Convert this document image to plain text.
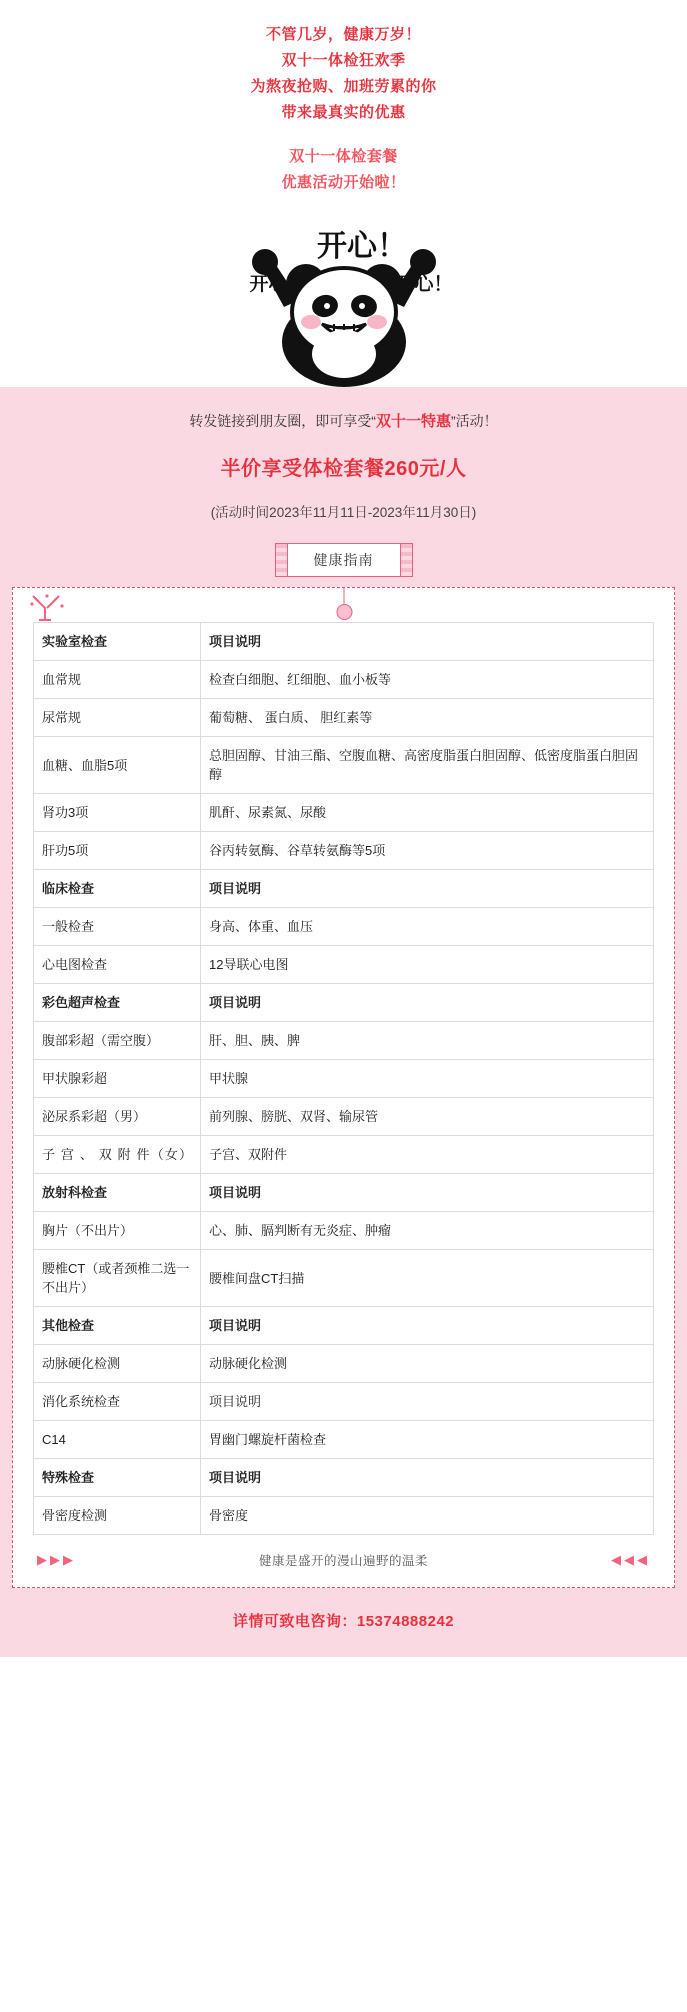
不管几岁，健康万岁！
双十一体检狂欢季
为熬夜抢购、加班劳累的你
带来最真实的优惠
双十一体检套餐
优惠活动开始啦！
开心！
开心！	开心！
转发链接到朋友圈，即可享受“双十一特惠”活动！
半价享受体检套餐260元/人
(活动时间2023年11月11日-2023年11月30日)
健康指南
实验室检查	项目说明
血常规	检查白细胞、红细胞、血小板等
尿常规	葡萄糖、 蛋白质、 胆红素等
血糖、血脂5项	总胆固醇、甘油三酯、空腹血糖、高密度脂蛋白胆固醇、低密度脂蛋白胆固醇
肾功3项	肌酐、尿素氮、尿酸
肝功5项	谷丙转氨酶、谷草转氨酶等5项
临床检查	项目说明
一般检查	身高、体重、血压
心电图检查	12导联心电图
彩色超声检查	项目说明
腹部彩超（需空腹）	肝、胆、胰、脾
甲状腺彩超	甲状腺
泌尿系彩超（男）	前列腺、膀胱、双肾、输尿管
子 宫 、 双 附 件（女）	子宫、双附件
放射科检查	项目说明
胸片（不出片）	心、肺、膈判断有无炎症、肿瘤
腰椎CT（或者颈椎二选一不出片）	腰椎间盘CT扫描
其他检查	项目说明
动脉硬化检测	动脉硬化检测
消化系统检查	项目说明
C14	胃幽门螺旋杆菌检查
特殊检查	项目说明
骨密度检测	骨密度
▶▶▶	健康是盛开的漫山遍野的温柔	◀◀◀
详情可致电咨询：15374888242
